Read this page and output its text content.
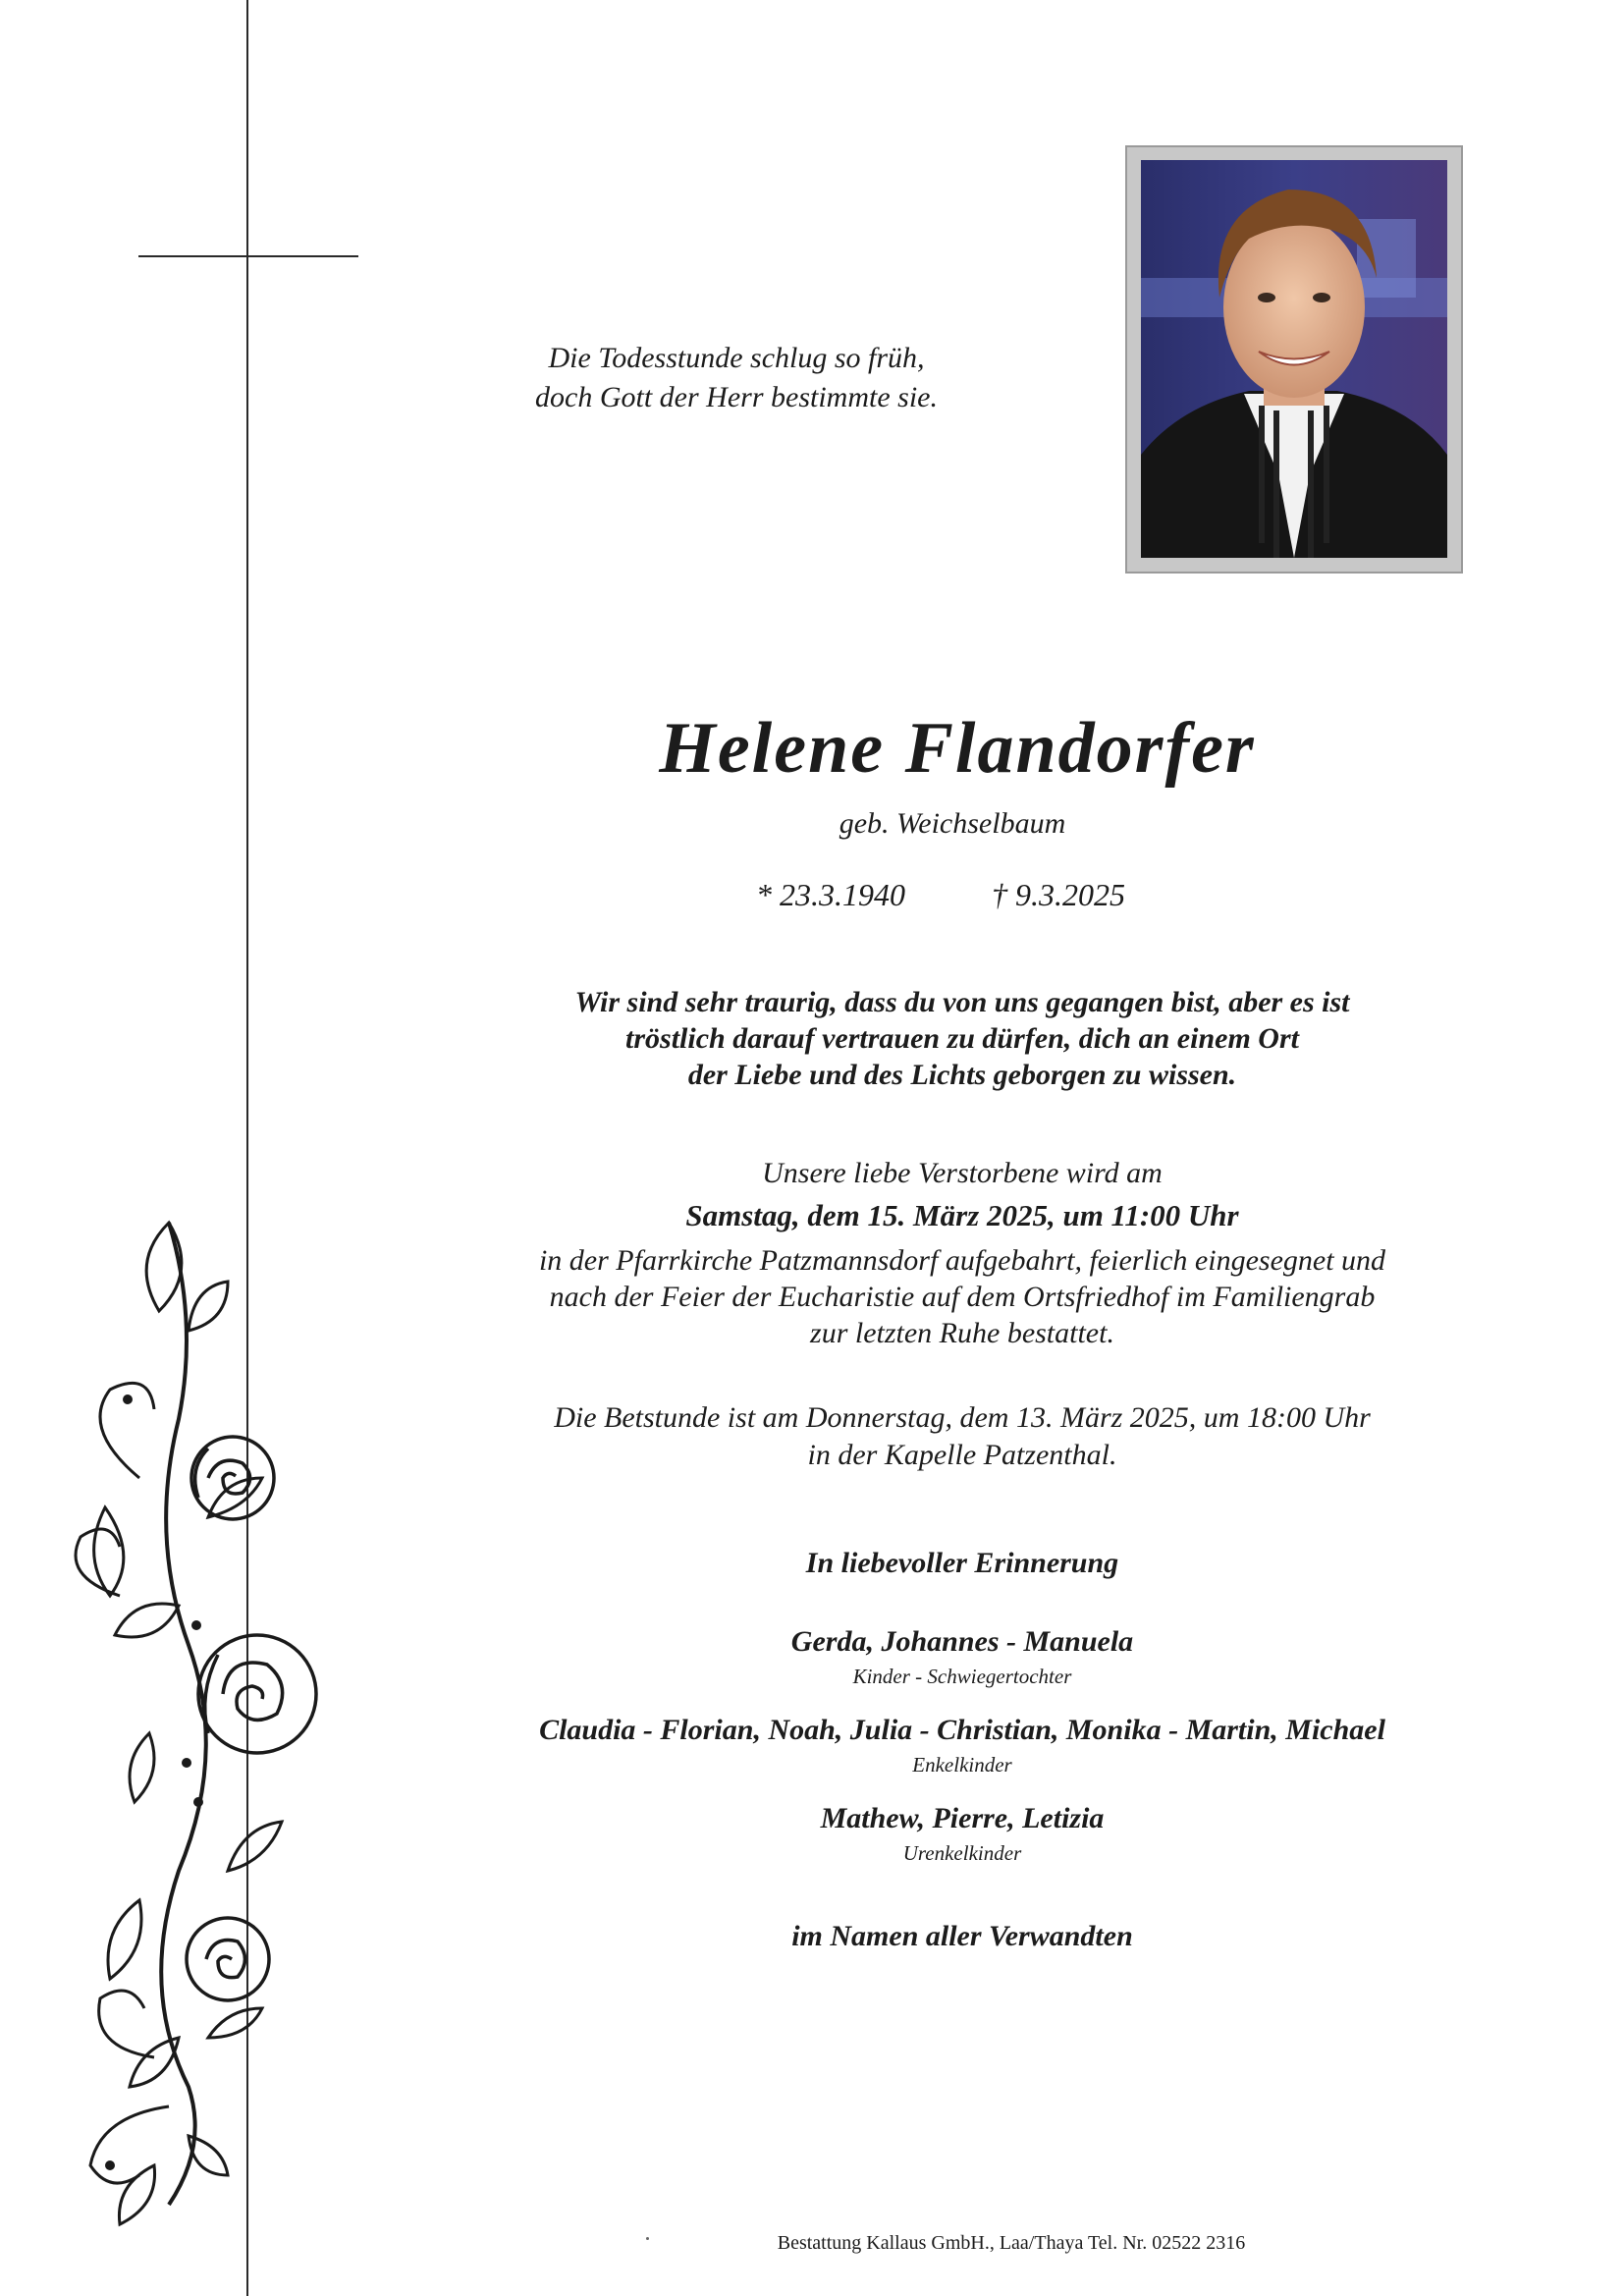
Die Todesstunde schlug so früh,
doch Gott der Herr bestimmte sie.
Helene Flandorfer
geb. Weichselbaum
* 23.3.1940	† 9.3.2025
Wir sind sehr traurig, dass du von uns gegangen bist, aber es ist
tröstlich darauf vertrauen zu dürfen, dich an einem Ort
der Liebe und des Lichts geborgen zu wissen.
Unsere liebe Verstorbene wird am
Samstag, dem 15. März 2025, um 11:00 Uhr
in der Pfarrkirche Patzmannsdorf aufgebahrt, feierlich eingesegnet und
nach der Feier der Eucharistie auf dem Ortsfriedhof im Familiengrab
zur letzten Ruhe bestattet.
Die Betstunde ist am Donnerstag, dem 13. März 2025, um 18:00 Uhr
in der Kapelle Patzenthal.
In liebevoller Erinnerung
Gerda, Johannes - Manuela
Kinder - Schwiegertochter
Claudia - Florian, Noah, Julia - Christian, Monika - Martin, Michael
Enkelkinder
Mathew, Pierre, Letizia
Urenkelkinder
im Namen aller Verwandten
Bestattung Kallaus GmbH., Laa/Thaya Tel. Nr. 02522 2316
